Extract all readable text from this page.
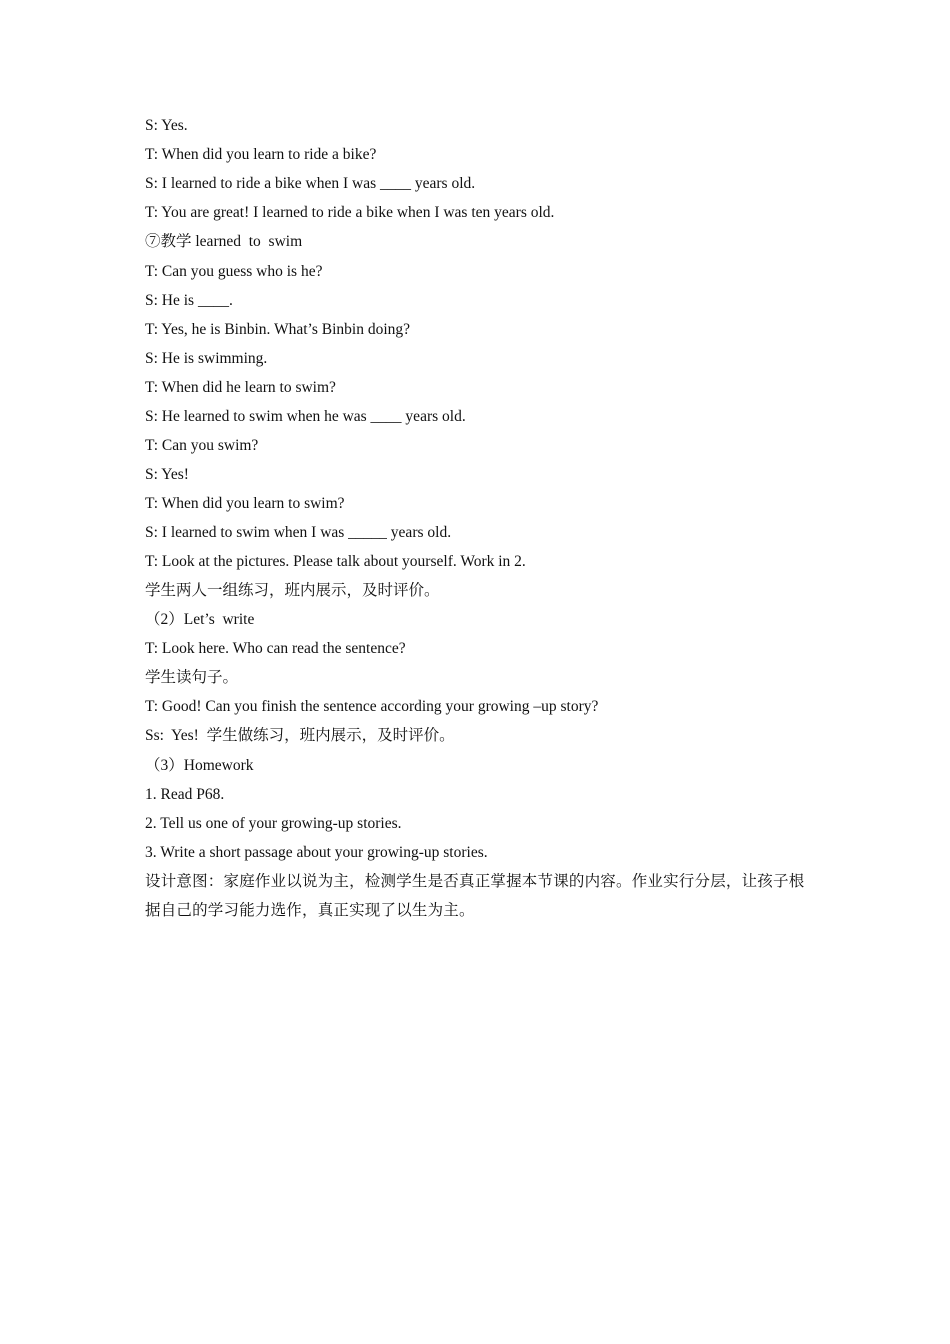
S: Yes.
T: When did you learn to ride a bike?
S: I learned to ride a bike when I was ____ years old.
T: You are great! I learned to ride a bike when I was ten years old.
⑦教学 learned  to  swim
T: Can you guess who is he?
S: He is ____.
T: Yes, he is Binbin. What’s Binbin doing?
S: He is swimming.
T: When did he learn to swim?
S: He learned to swim when he was ____ years old.
T: Can you swim?
S: Yes!
T: When did you learn to swim?
S: I learned to swim when I was _____ years old.
T: Look at the pictures. Please talk about yourself. Work in 2.
学生两人一组练习，班内展示，及时评价。
（2）Let’s  write
T: Look here. Who can read the sentence?
学生读句子。
T: Good! Can you finish the sentence according your growing –up story?
Ss:  Yes!  学生做练习，班内展示，及时评价。
（3）Homework
1. Read P68.
2. Tell us one of your growing-up stories.
3. Write a short passage about your growing-up stories.
设计意图：家庭作业以说为主，检测学生是否真正掌握本节课的内容。作业实行分层，让孩子根据自己的学习能力选作，真正实现了以生为主。
